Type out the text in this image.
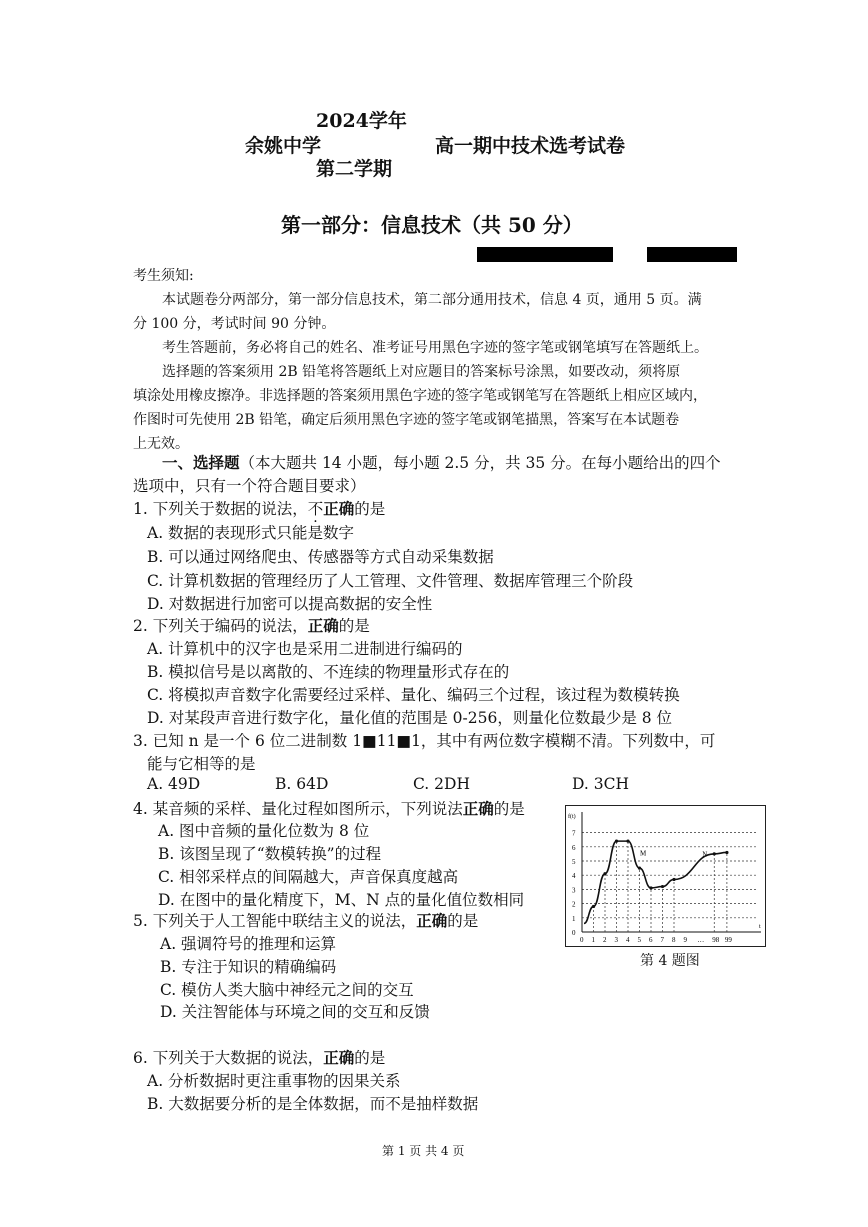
2024学年
余姚中学	高一期中技术选考试卷
第二学期
第一部分：信息技术（共 50 分）
考生须知:
本试题卷分两部分，第一部分信息技术，第二部分通用技术，信息 4 页，通用 5 页。满
分 100 分，考试时间 90 分钟。
考生答题前，务必将自己的姓名、准考证号用黑色字迹的签字笔或钢笔填写在答题纸上。
选择题的答案须用 2B 铅笔将答题纸上对应题目的答案标号涂黑，如要改动，须将原
填涂处用橡皮擦净。非选择题的答案须用黑色字迹的签字笔或钢笔写在答题纸上相应区域内，
作图时可先使用 2B 铅笔，确定后须用黑色字迹的签字笔或钢笔描黑，答案写在本试题卷
上无效。
一、选择题（本大题共 14 小题，每小题 2.5 分，共 35 分。在每小题给出的四个
选项中，只有一个符合题目要求）
1. 下列关于数据的说法，不正确的是
A. 数据的表现形式只能是数字
B. 可以通过网络爬虫、传感器等方式自动采集数据
C. 计算机数据的管理经历了人工管理、文件管理、数据库管理三个阶段
D. 对数据进行加密可以提高数据的安全性
2. 下列关于编码的说法，正确的是
A. 计算机中的汉字也是采用二进制进行编码的
B. 模拟信号是以离散的、不连续的物理量形式存在的
C. 将模拟声音数字化需要经过采样、量化、编码三个过程，该过程为数模转换
D. 对某段声音进行数字化，量化值的范围是 0-256，则量化位数最少是 8 位
3. 已知 n 是一个 6 位二进制数 1■11■1，其中有两位数字模糊不清。下列数中，可
能与它相等的是
A. 49D	B. 64D	C. 2DH	D. 3CH
4. 某音频的采样、量化过程如图所示，下列说法正确的是
A. 图中音频的量化位数为 8 位
B. 该图呈现了“数模转换”的过程
C. 相邻采样点的间隔越大，声音保真度越高
D. 在图中的量化精度下，M、N 点的量化值位数相同
0
1
2
3
4
5
6
7
f(t)
t
0 1 2 3 4 5 6 7 8 9 … 98 99
M	N
第 4 题图
5. 下列关于人工智能中联结主义的说法，正确的是
A. 强调符号的推理和运算
B. 专注于知识的精确编码
C. 模仿人类大脑中神经元之间的交互
D. 关注智能体与环境之间的交互和反馈
6. 下列关于大数据的说法，正确的是
A. 分析数据时更注重事物的因果关系
B. 大数据要分析的是全体数据，而不是抽样数据
第 1 页 共 4 页
